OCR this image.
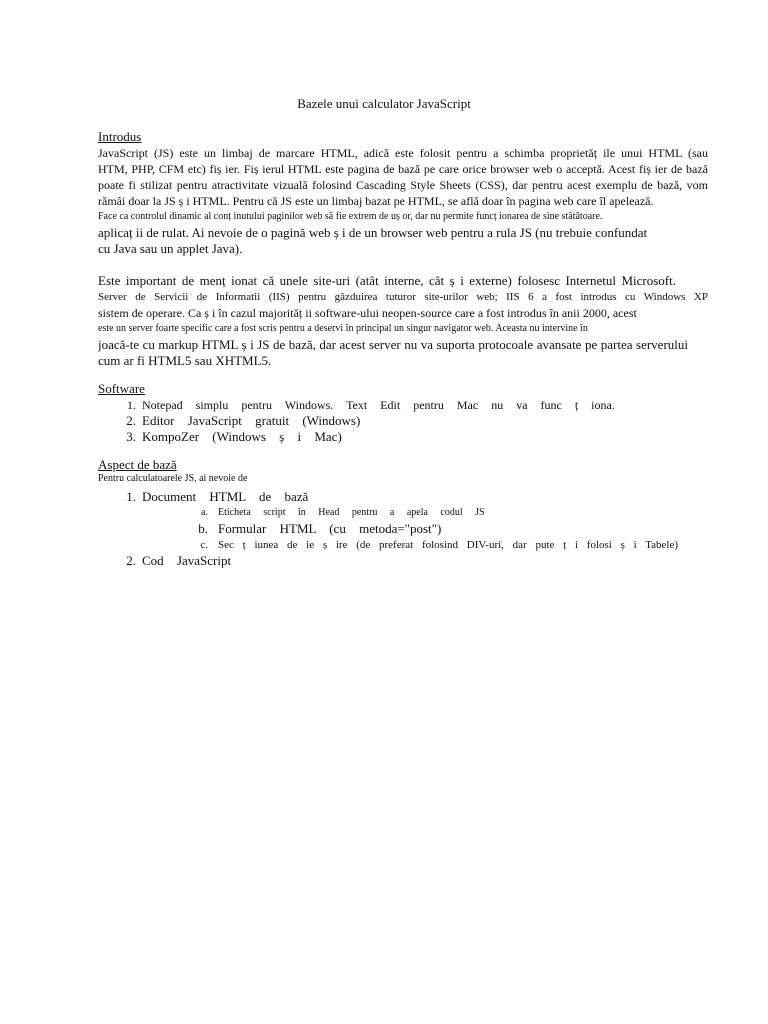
Bazele unui calculator JavaScript
Introdus
JavaScript (JS) este un limbaj de marcare HTML, adică este folosit pentru a schimba proprietăț ile unui HTML (sau
HTM, PHP, CFM etc) fiș ier. Fiș ierul HTML este pagina de bază pe care orice browser web o acceptă. Acest fiș ier de bază
poate fi stilizat pentru atractivitate vizuală folosind Cascading Style Sheets (CSS), dar pentru acest exemplu de bază, vom
rămâi doar la JS ș i HTML. Pentru că JS este un limbaj bazat pe HTML, se află doar în pagina web care îl apelează.
Face ca controlul dinamic al conț inutului paginilor web să fie extrem de uș or, dar nu permite funcț ionarea de sine stătătoare.
aplicaț ii de rulat. Ai nevoie de o pagină web ș i de un browser web pentru a rula JS (nu trebuie confundat
cu Java sau un applet Java).
Este important de menț ionat că unele site-uri (atât interne, cât ș i externe) folosesc Internetul Microsoft.
Server de Servicii de Informatii (IIS) pentru găzduirea tuturor site-urilor web; IIS 6 a fost introdus cu Windows XP
sistem de operare. Ca ș i în cazul majorităț ii software-ului neopen-source care a fost introdus în anii 2000, acest
este un server foarte specific care a fost scris pentru a deservi în principal un singur navigator web. Aceasta nu intervine în
joacă-te cu markup HTML ș i JS de bază, dar acest server nu va suporta protocoale avansate pe partea serverului
cum ar fi HTML5 sau XHTML5.
Software
1. Notepad simplu pentru Windows. Text Edit pentru Mac nu va func ț iona.
2. Editor JavaScript gratuit (Windows)
3. KompoZer (Windows ș i Mac)
Aspect de bază
Pentru calculatoarele JS, ai nevoie de
1. Document HTML de bază
a.	Eticheta script în Head pentru a apela codul JS
b. Formular HTML (cu metoda="post")
c. Sec ț iunea de ie ș ire (de preferat folosind DIV-uri, dar pute ț i folosi ș i Tabele)
2. Cod JavaScript
